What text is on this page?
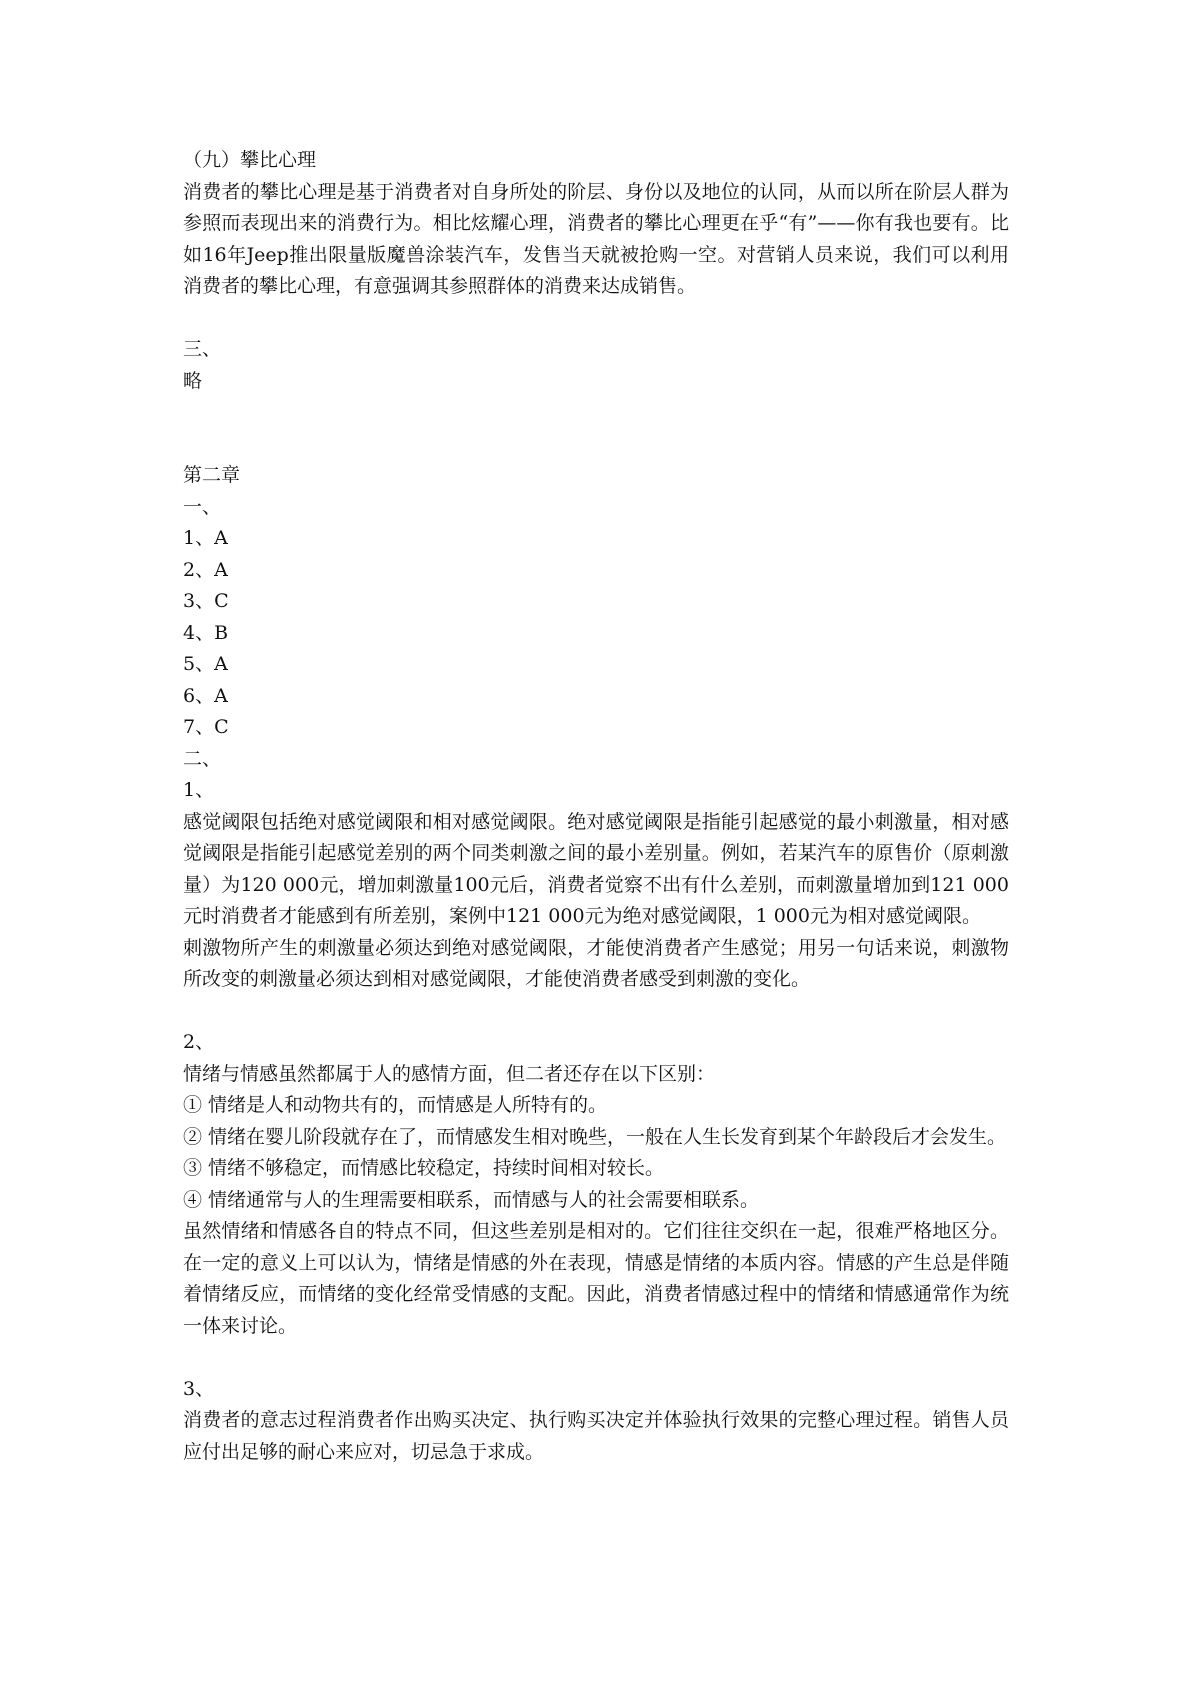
（九）攀比心理

消费者的攀比心理是基于消费者对自身所处的阶层、身份以及地位的认同，从而以所在阶层人群为参照而表现出来的消费行为。相比炫耀心理，消费者的攀比心理更在乎“有”——你有我也要有。比如16年Jeep推出限量版魔兽涂装汽车，发售当天就被抢购一空。对营销人员来说，我们可以利用消费者的攀比心理，有意强调其参照群体的消费来达成销售。

三、

略

第二章

一、

1、A

2、A

3、C

4、B

5、A

6、A

7、C

二、

1、

感觉阈限包括绝对感觉阈限和相对感觉阈限。绝对感觉阈限是指能引起感觉的最小刺激量，相对感觉阈限是指能引起感觉差别的两个同类刺激之间的最小差别量。例如，若某汽车的原售价（原刺激量）为120 000元，增加刺激量100元后，消费者觉察不出有什么差别，而刺激量增加到121 000元时消费者才能感到有所差别，案例中121 000元为绝对感觉阈限，1 000元为相对感觉阈限。

刺激物所产生的刺激量必须达到绝对感觉阈限，才能使消费者产生感觉；用另一句话来说，刺激物所改变的刺激量必须达到相对感觉阈限，才能使消费者感受到刺激的变化。

2、

情绪与情感虽然都属于人的感情方面，但二者还存在以下区别：

① 情绪是人和动物共有的，而情感是人所特有的。

② 情绪在婴儿阶段就存在了，而情感发生相对晚些，一般在人生长发育到某个年龄段后才会发生。

③ 情绪不够稳定，而情感比较稳定，持续时间相对较长。

④ 情绪通常与人的生理需要相联系，而情感与人的社会需要相联系。

虽然情绪和情感各自的特点不同，但这些差别是相对的。它们往往交织在一起，很难严格地区分。在一定的意义上可以认为，情绪是情感的外在表现，情感是情绪的本质内容。情感的产生总是伴随着情绪反应，而情绪的变化经常受情感的支配。因此，消费者情感过程中的情绪和情感通常作为统一体来讨论。

3、

消费者的意志过程消费者作出购买决定、执行购买决定并体验执行效果的完整心理过程。销售人员应付出足够的耐心来应对，切忌急于求成。
